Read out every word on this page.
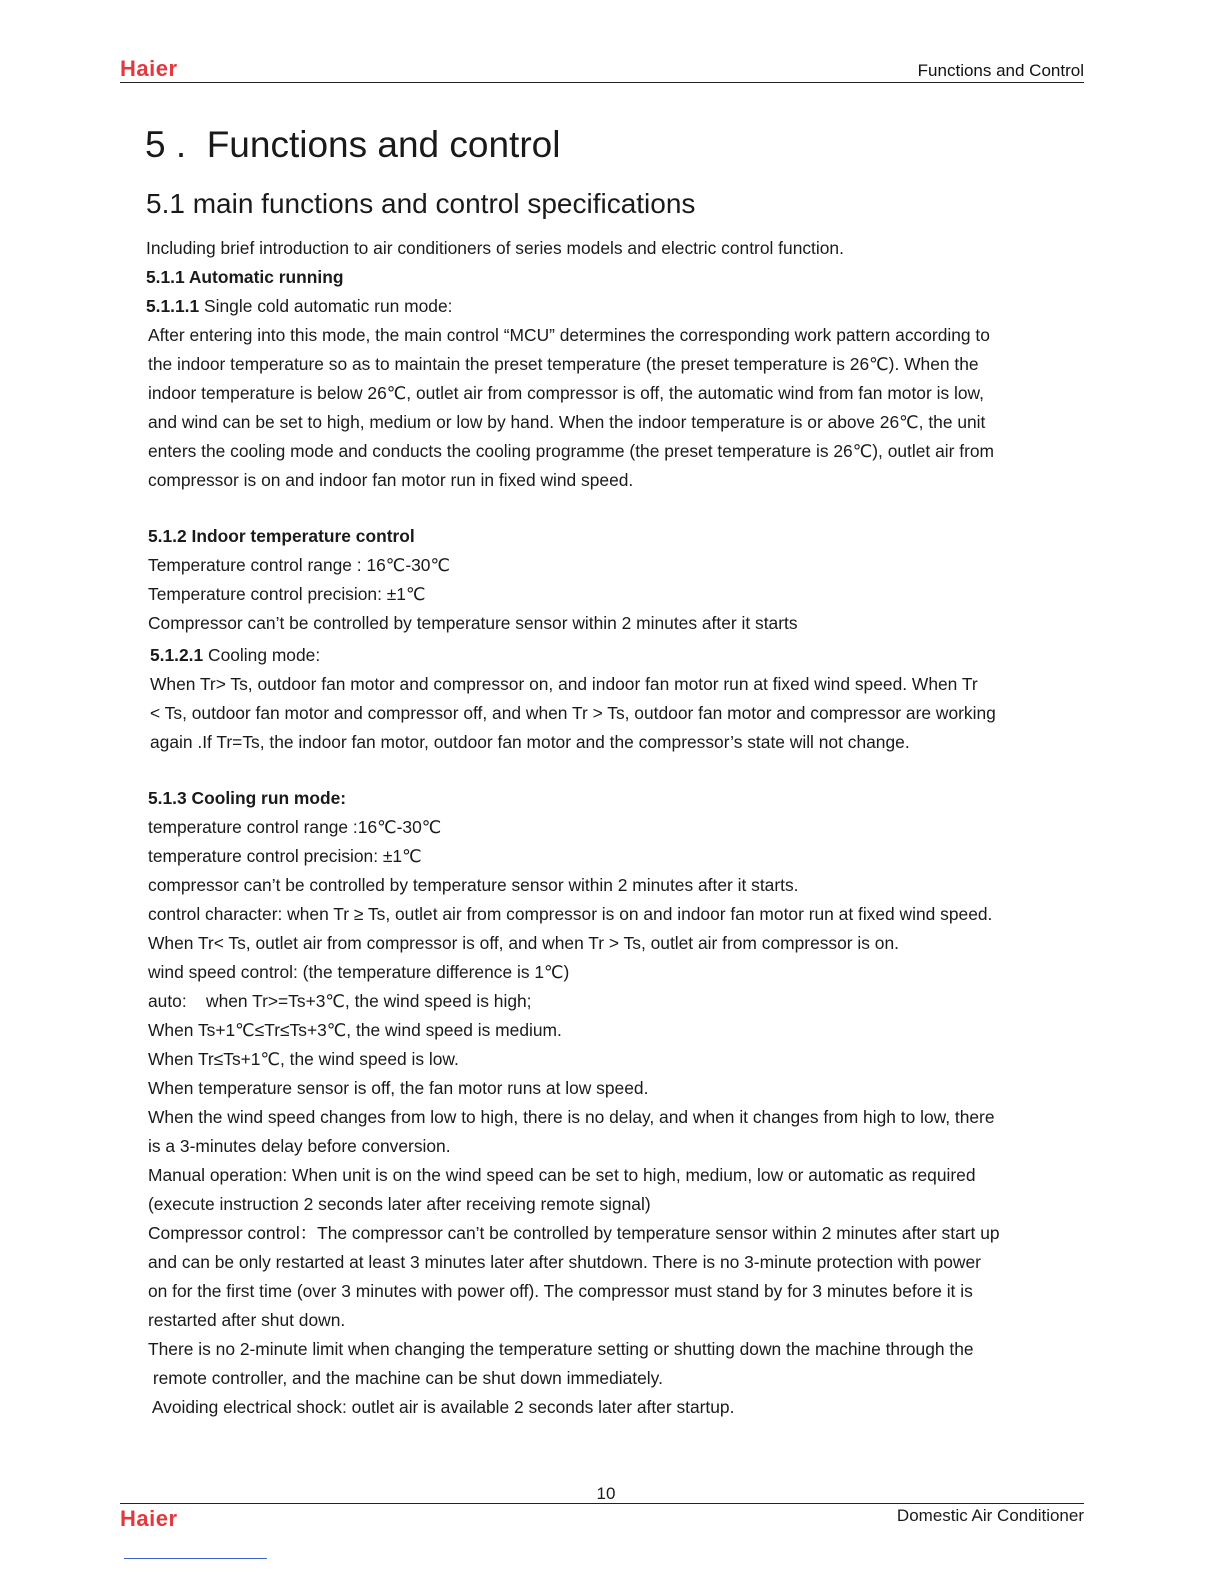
Haier	Functions and Control
5 .  Functions and control
5.1 main functions and control specifications

Including brief introduction to air conditioners of series models and electric control function.

5.1.1 Automatic running

5.1.1.1 Single cold automatic run mode:

After entering into this mode, the main control “MCU” determines the corresponding work pattern according to

the indoor temperature so as to maintain the preset temperature (the preset temperature is 26℃). When the

indoor temperature is below 26℃, outlet air from compressor is off, the automatic wind from fan motor is low,

and wind can be set to high, medium or low by hand. When the indoor temperature is or above 26℃, the unit

enters the cooling mode and conducts the cooling programme (the preset temperature is 26℃), outlet air from

compressor is on and indoor fan motor run in fixed wind speed.

5.1.2 Indoor temperature control

Temperature control range : 16℃-30℃

Temperature control precision: ±1℃

Compressor can’t be controlled by temperature sensor within 2 minutes after it starts

5.1.2.1 Cooling mode:

When Tr> Ts, outdoor fan motor and compressor on, and indoor fan motor run at fixed wind speed. When Tr

< Ts, outdoor fan motor and compressor off, and when Tr > Ts, outdoor fan motor and compressor are working

again .If Tr=Ts, the indoor fan motor, outdoor fan motor and the compressor’s state will not change.

5.1.3 Cooling run mode:

temperature control range :16℃-30℃

temperature control precision: ±1℃

compressor can’t be controlled by temperature sensor within 2 minutes after it starts.

control character: when Tr ≥ Ts, outlet air from compressor is on and indoor fan motor run at fixed wind speed.

When Tr< Ts, outlet air from compressor is off, and when Tr > Ts, outlet air from compressor is on.

wind speed control: (the temperature difference is 1℃)

auto:    when Tr>=Ts+3℃, the wind speed is high;

When Ts+1℃≤Tr≤Ts+3℃, the wind speed is medium.

When Tr≤Ts+1℃, the wind speed is low.

When temperature sensor is off, the fan motor runs at low speed.

When the wind speed changes from low to high, there is no delay, and when it changes from high to low, there

is a 3-minutes delay before conversion.

Manual operation: When unit is on the wind speed can be set to high, medium, low or automatic as required

(execute instruction 2 seconds later after receiving remote signal)

Compressor control：The compressor can’t be controlled by temperature sensor within 2 minutes after start up

and can be only restarted at least 3 minutes later after shutdown. There is no 3-minute protection with power

on for the first time (over 3 minutes with power off). The compressor must stand by for 3 minutes before it is

restarted after shut down.

There is no 2-minute limit when changing the temperature setting or shutting down the machine through the

remote controller, and the machine can be shut down immediately.

Avoiding electrical shock: outlet air is available 2 seconds later after startup.

10
Haier	Domestic Air Conditioner
